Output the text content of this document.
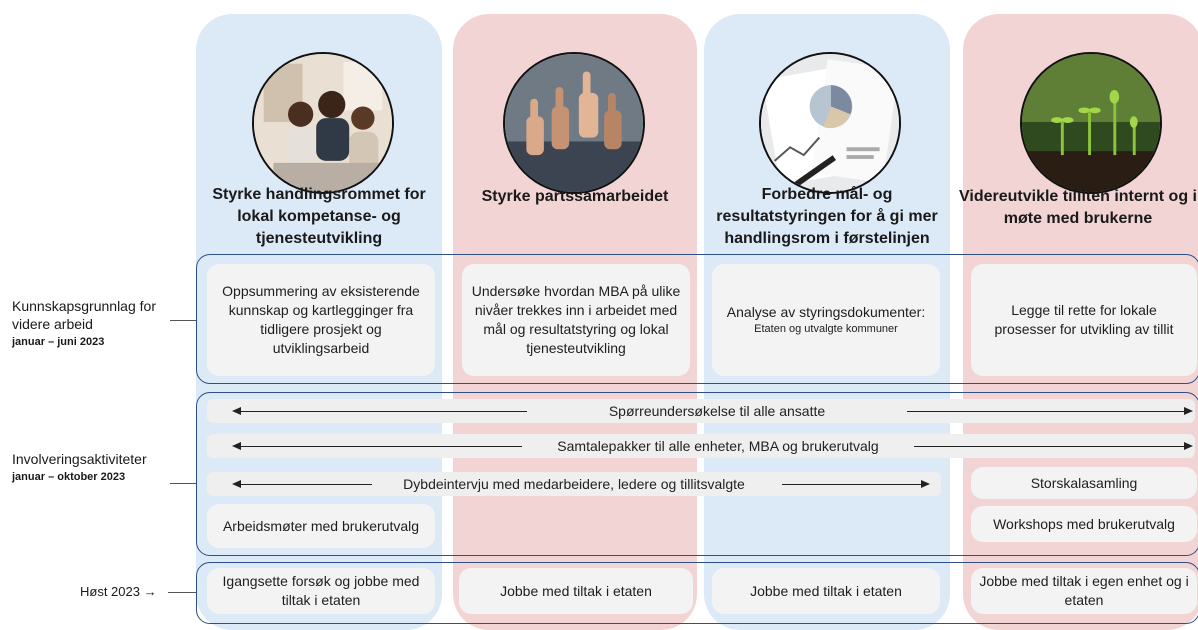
Styrke handlingsrommet for lokal kompetanse- og tjenesteutvikling
Styrke partssamarbeidet	Forbedre mål- og resultatstyringen for å gi mer handlingsrom i førstelinjen
Videreutvikle tilliten internt og i møte med brukerne
Kunnskapsgrunnlag for videre arbeid
januar – juni 2023
Oppsummering av eksisterende kunnskap og kartlegginger fra tidligere prosjekt og utviklingsarbeid
Undersøke hvordan MBA på ulike nivåer trekkes inn i arbeidet med mål og resultatstyring og lokal tjenesteutvikling
Analyse av styringsdokumenter:
Etaten og utvalgte kommuner
Legge til rette for lokale prosesser for utvikling av tillit
Involveringsaktiviteter
januar – oktober 2023
Spørreundersøkelse til alle ansatte
Samtalepakker til alle enheter, MBA og brukerutvalg
Dybdeintervju med medarbeidere, ledere og tillitsvalgte
Arbeidsmøter med brukerutvalg
Storskalasamling
Workshops med brukerutvalg
Høst 2023 →
Igangsette forsøk og jobbe med tiltak i etaten
Jobbe med tiltak i etaten	Jobbe med tiltak i etaten
Jobbe med tiltak i egen enhet og i etaten
